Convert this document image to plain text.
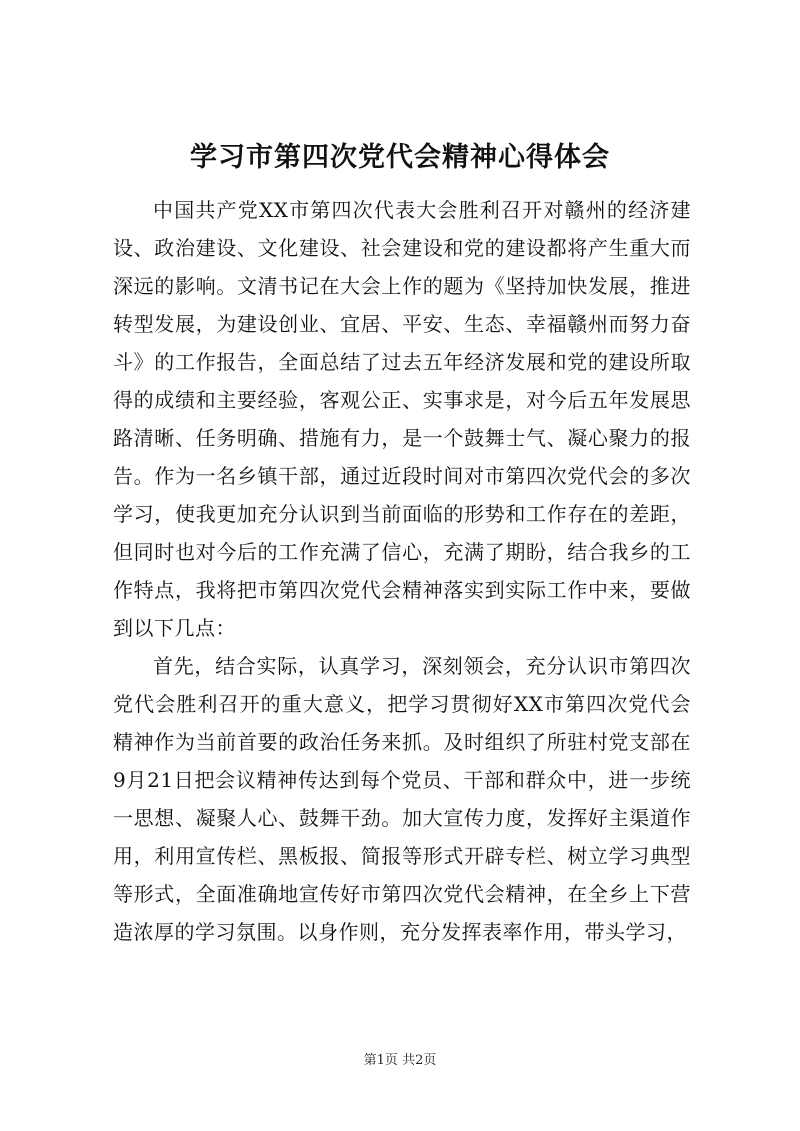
学习市第四次党代会精神心得体会

中国共产党XX市第四次代表大会胜利召开对赣州的经济建设、政治建设、文化建设、社会建设和党的建设都将产生重大而深远的影响。文清书记在大会上作的题为《坚持加快发展，推进转型发展，为建设创业、宜居、平安、生态、幸福赣州而努力奋斗》的工作报告，全面总结了过去五年经济发展和党的建设所取得的成绩和主要经验，客观公正、实事求是，对今后五年发展思路清晰、任务明确、措施有力，是一个鼓舞士气、凝心聚力的报告。作为一名乡镇干部，通过近段时间对市第四次党代会的多次学习，使我更加充分认识到当前面临的形势和工作存在的差距，但同时也对今后的工作充满了信心，充满了期盼，结合我乡的工作特点，我将把市第四次党代会精神落实到实际工作中来，要做到以下几点：

首先，结合实际，认真学习，深刻领会，充分认识市第四次党代会胜利召开的重大意义，把学习贯彻好XX市第四次党代会精神作为当前首要的政治任务来抓。及时组织了所驻村党支部在9月21日把会议精神传达到每个党员、干部和群众中，进一步统一思想、凝聚人心、鼓舞干劲。加大宣传力度，发挥好主渠道作用，利用宣传栏、黑板报、简报等形式开辟专栏、树立学习典型等形式，全面准确地宣传好市第四次党代会精神，在全乡上下营造浓厚的学习氛围。以身作则，充分发挥表率作用，带头学习，

第1页 共2页
